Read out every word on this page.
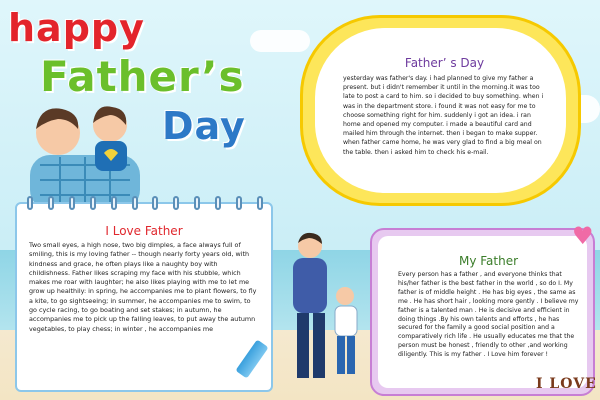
happy
Father’s
Day
Father’ s Day

yesterday was father's day. i had planned to give my father a present. but i didn't remember it until in the morning.it was too late to post a card to him. so i decided to buy something. when i was in the department store. i found it was not easy for me to choose something right for him. suddenly i got an idea. i ran home and opened my computer. i made a beautiful card and mailed him through the internet. then i began to make supper. when father came home, he was very glad to find a big meal on the table. then i asked him to check his e-mail.

I Love Father

Two small eyes, a high nose, two big dimples, a face always full of smiling, this is my loving father -- though nearly forty years old, with kindness and grace, he often plays like a naughty boy with childishness. Father likes scraping my face with his stubble, which makes me roar with laughter; he also likes playing with me to let me grow up healthily: in spring, he accompanies me to plant flowers, to fly a kite, to go sightseeing; in summer, he accompanies me to swim, to go cycle racing, to go boating and set stakes; in autumn, he accompanies me to pick up the falling leaves, to put away the autumn vegetables, to play chess; in winter , he accompanies me

My Father

Every person has a father , and everyone thinks that his/her father is the best father in the world , so do I. My father is of middle height . He has big eyes , the same as me . He has short hair , looking more gently . I believe my father is a talented man . He is decisive and efficient in doing things .By his own talents and efforts , he has secured for the family a good social position and a comparatively rich life . He usually educates me that the person must be honest , friendly to other ,and working diligently. This is my father . I Love him forever !

♥
I LOVE
